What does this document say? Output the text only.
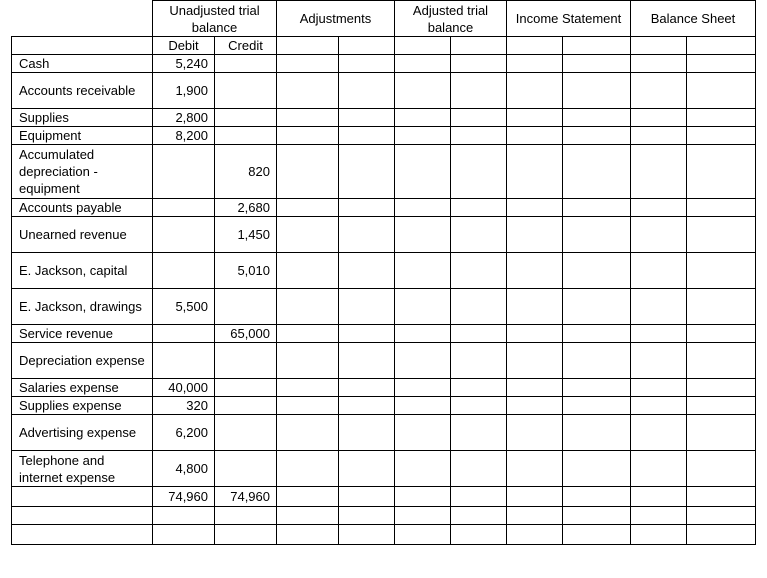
	Unadjusted trial balance		Adjustments		Adjusted trial balance		Income Statement		Balance Sheet	
	Debit	Credit								
Cash	5,240									
Accounts receivable	1,900									
Supplies	2,800									
Equipment	8,200									
Accumulated depreciation - equipment		820								
Accounts payable		2,680								
Unearned revenue		1,450								
E. Jackson, capital		5,010								
E. Jackson, drawings	5,500									
Service revenue		65,000								
Depreciation expense										
Salaries expense	40,000									
Supplies expense	320									
Advertising expense	6,200									
Telephone and internet expense	4,800									
	74,960	74,960								
